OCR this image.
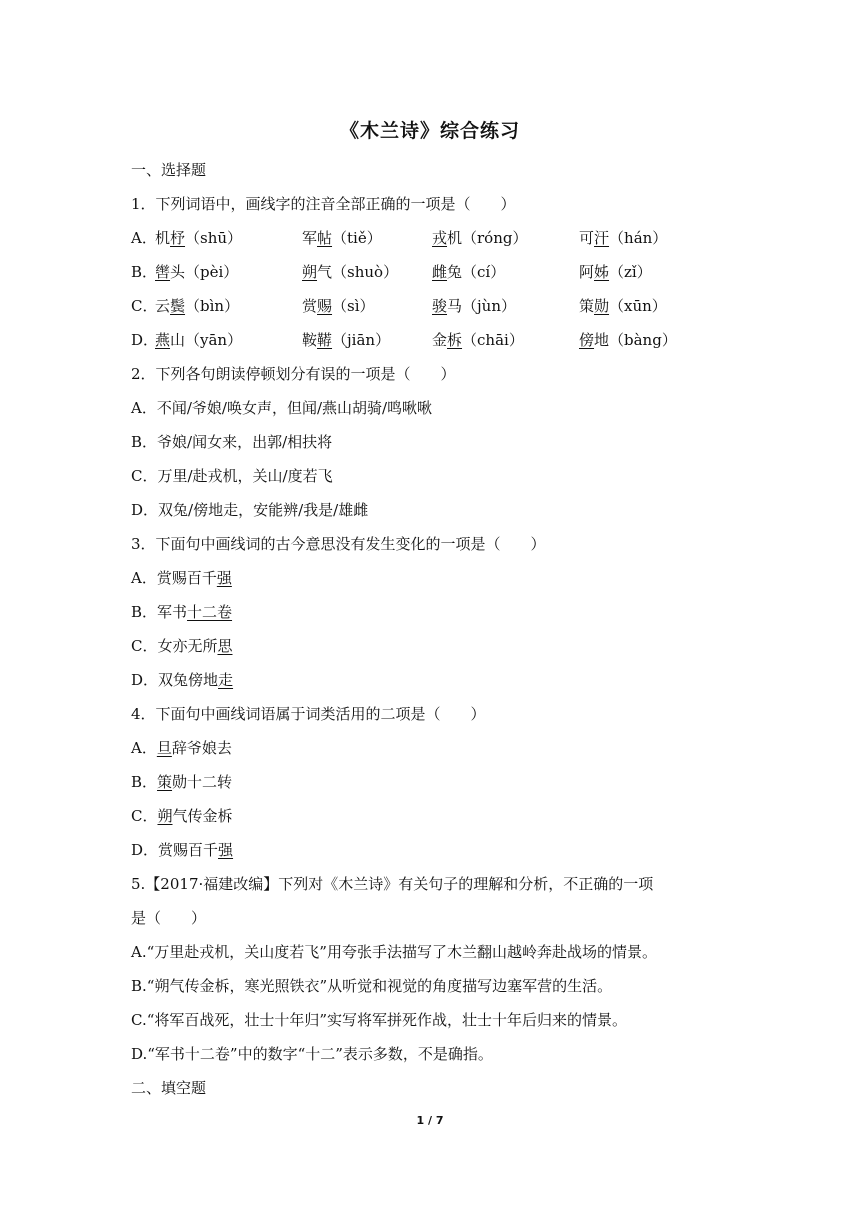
《木兰诗》综合练习
一、选择题
1．下列词语中，画线字的注音全部正确的一项是（　　）
A．
机杼（shū）	军帖（tiě）	戎机（róng）	可汗（hán）
B．
辔头（pèi）	朔气（shuò）	雌兔（cí）	阿姊（zǐ）
C．
云鬓（bìn）	赏赐（sì）	骏马（jùn）	策勋（xūn）
D．
燕山（yān）	鞍鞯（jiān）	金柝（chāi）	傍地（bàng）
2．下列各句朗读停顿划分有误的一项是（　　）
A．不闻/爷娘/唤女声，但闻/燕山胡骑/鸣啾啾
B．爷娘/闻女来，出郭/相扶将
C．万里/赴戎机，关山/度若飞
D．双兔/傍地走，安能辨/我是/雄雌
3．下面句中画线词的古今意思没有发生变化的一项是（　　）
A．赏赐百千强
B．军书十二卷
C．女亦无所思
D．双兔傍地走
4．下面句中画线词语属于词类活用的二项是（　　）
A．旦辞爷娘去
B．策勋十二转
C．朔气传金柝
D．赏赐百千强
5.【2017·福建改编】下列对《木兰诗》有关句子的理解和分析，不正确的一项
是（　　）
A.“万里赴戎机，关山度若飞”用夸张手法描写了木兰翻山越岭奔赴战场的情景。
B.“朔气传金柝，寒光照铁衣”从听觉和视觉的角度描写边塞军营的生活。
C.“将军百战死，壮士十年归”实写将军拼死作战，壮士十年后归来的情景。
D.“军书十二卷”中的数字“十二”表示多数，不是确指。
二、填空题
1 / 7
